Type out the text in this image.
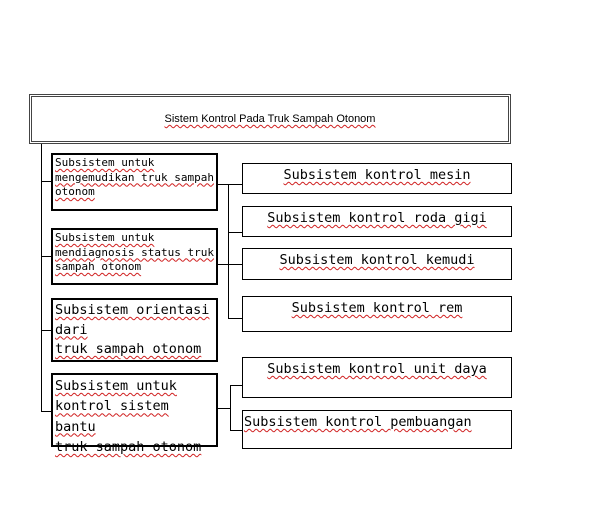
Sistem Kontrol Pada Truk Sampah Otonom
Subsistem untuk
mengemudikan truk sampah
otonom
Subsistem untuk
mendiagnosis status truk
sampah otonom
Subsistem orientasi
dari
truk sampah otonom
Subsistem untuk
kontrol sistem bantu
truk sampah otonom
Subsistem kontrol mesin
Subsistem kontrol roda gigi
Subsistem kontrol kemudi
Subsistem kontrol rem
Subsistem kontrol unit daya
Subsistem kontrol pembuangan
